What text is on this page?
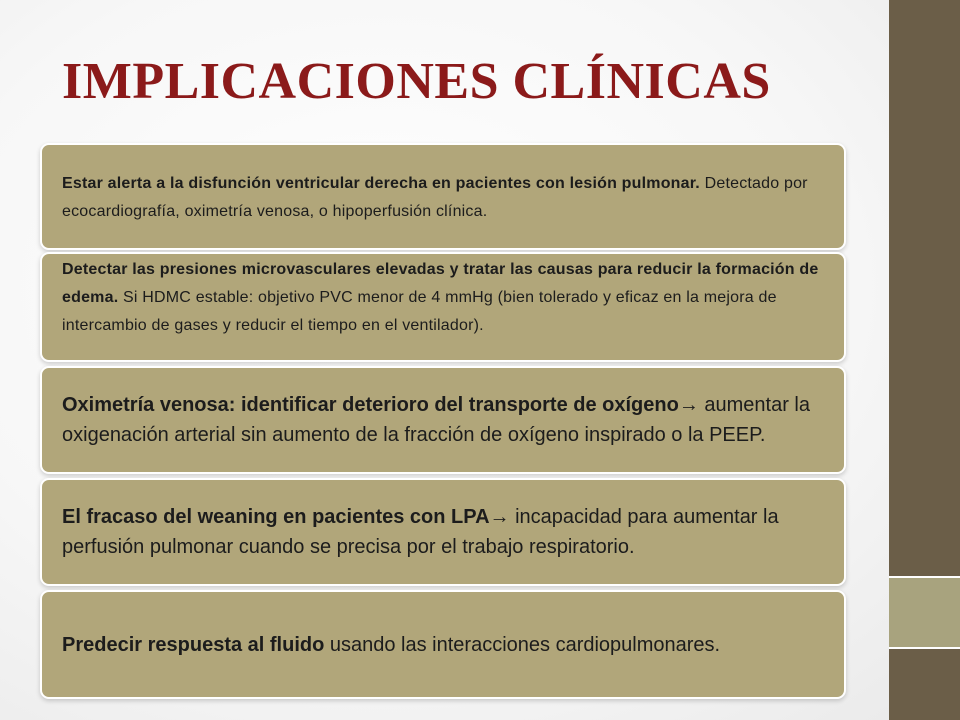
IMPLICACIONES CLÍNICAS

Estar alerta a la disfunción ventricular derecha en pacientes con lesión pulmonar. Detectado por ecocardiografía, oximetría venosa, o hipoperfusión clínica.

Detectar las presiones microvasculares elevadas y tratar las causas para reducir la formación de edema. Si HDMC estable: objetivo PVC menor de 4 mmHg (bien tolerado y eficaz en la mejora de intercambio de gases y reducir el tiempo en el ventilador).

Oximetría venosa: identificar deterioro del transporte de oxígeno→ aumentar la oxigenación arterial sin aumento de la fracción de oxígeno inspirado o la PEEP.

El fracaso del weaning en pacientes con LPA→ incapacidad para aumentar la perfusión pulmonar cuando se precisa por el trabajo respiratorio.

Predecir respuesta al fluido usando las interacciones cardiopulmonares.
